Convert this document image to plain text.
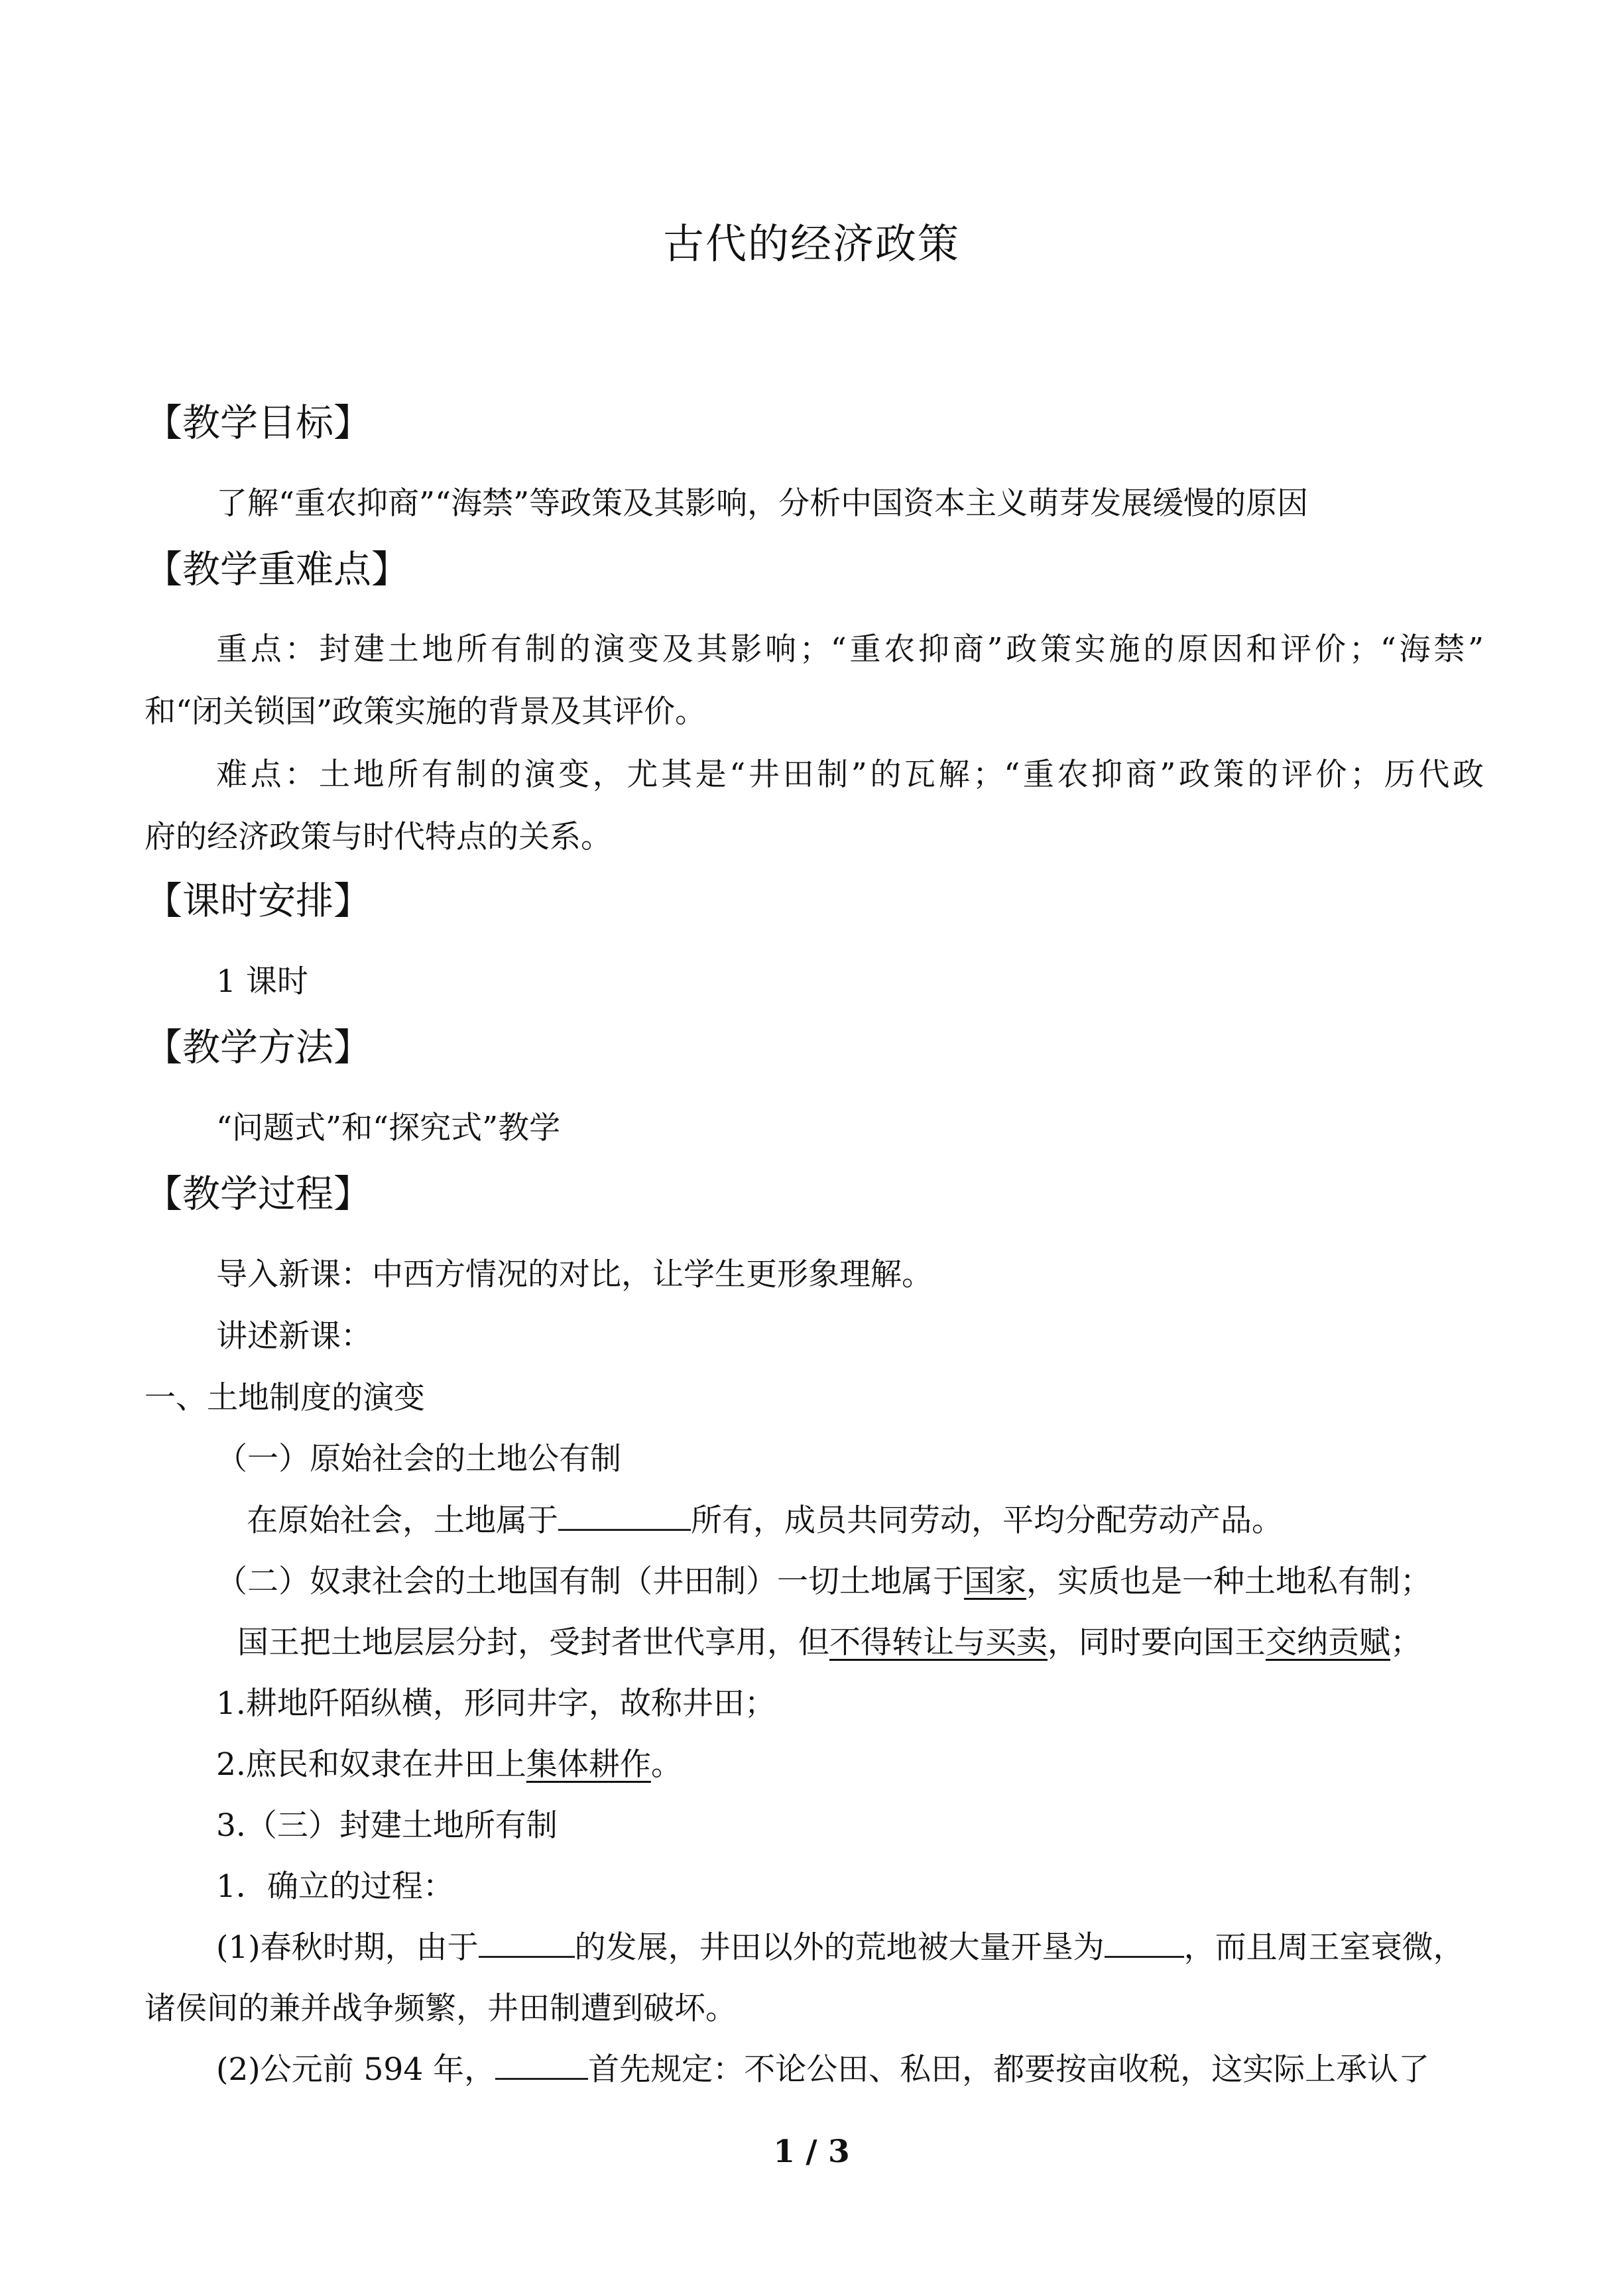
古代的经济政策
【教学目标】
了解“重农抑商”“海禁”等政策及其影响，分析中国资本主义萌芽发展缓慢的原因
【教学重难点】
重点：封建土地所有制的演变及其影响；“重农抑商”政策实施的原因和评价；“海禁”
和“闭关锁国”政策实施的背景及其评价。
难点：土地所有制的演变，尤其是“井田制”的瓦解；“重农抑商”政策的评价；历代政
府的经济政策与时代特点的关系。
【课时安排】
1 课时
【教学方法】
“问题式”和“探究式”教学
【教学过程】
导入新课：中西方情况的对比，让学生更形象理解。
讲述新课：
一、土地制度的演变
（一）原始社会的土地公有制
在原始社会，土地属于	所有，成员共同劳动，平均分配劳动产品。
（二）奴隶社会的土地国有制（井田制）一切土地属于国家，实质也是一种土地私有制；
国王把土地层层分封，受封者世代享用，但不得转让与买卖，同时要向国王交纳贡赋；
1.耕地阡陌纵横，形同井字，故称井田；
2.庶民和奴隶在井田上集体耕作。
3.（三）封建土地所有制
1．确立的过程：
(1)春秋时期，由于	的发展，井田以外的荒地被大量开垦为	，而且周王室衰微，
诸侯间的兼并战争频繁，井田制遭到破坏。
(2)公元前 594 年，	首先规定：不论公田、私田，都要按亩收税，这实际上承认了
1 / 3
